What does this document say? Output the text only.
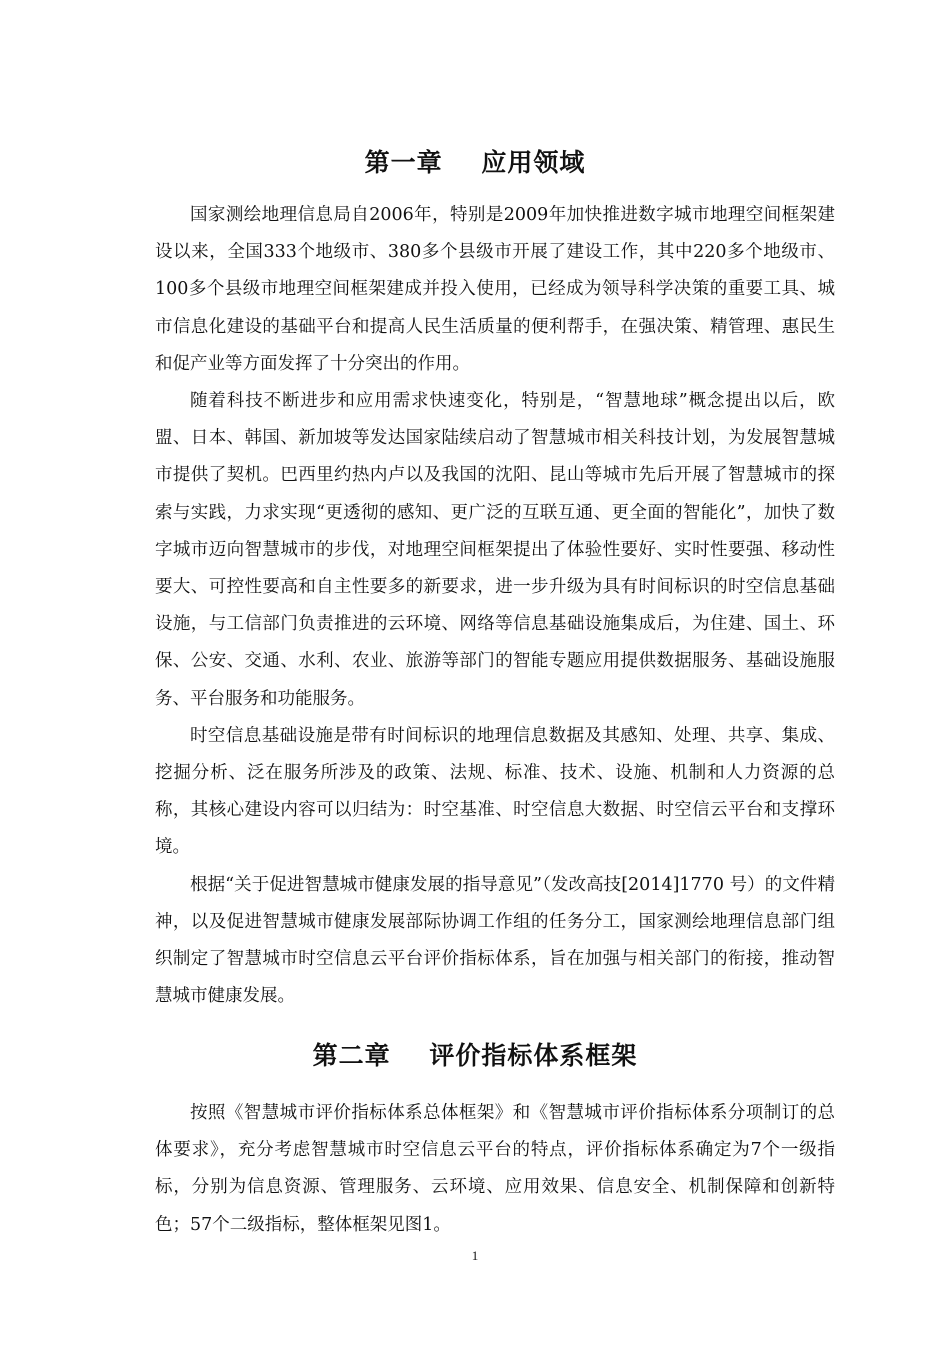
第一章    应用领域

国家测绘地理信息局自2006年，特别是2009年加快推进数字城市地理空间框架建设以来，全国333个地级市、380多个县级市开展了建设工作，其中220多个地级市、100多个县级市地理空间框架建成并投入使用，已经成为领导科学决策的重要工具、城市信息化建设的基础平台和提高人民生活质量的便利帮手，在强决策、精管理、惠民生和促产业等方面发挥了十分突出的作用。

随着科技不断进步和应用需求快速变化，特别是，“智慧地球”概念提出以后，欧盟、日本、韩国、新加坡等发达国家陆续启动了智慧城市相关科技计划，为发展智慧城市提供了契机。巴西里约热内卢以及我国的沈阳、昆山等城市先后开展了智慧城市的探索与实践，力求实现“更透彻的感知、更广泛的互联互通、更全面的智能化”，加快了数字城市迈向智慧城市的步伐，对地理空间框架提出了体验性要好、实时性要强、移动性要大、可控性要高和自主性要多的新要求，进一步升级为具有时间标识的时空信息基础设施，与工信部门负责推进的云环境、网络等信息基础设施集成后，为住建、国土、环保、公安、交通、水利、农业、旅游等部门的智能专题应用提供数据服务、基础设施服务、平台服务和功能服务。

时空信息基础设施是带有时间标识的地理信息数据及其感知、处理、共享、集成、挖掘分析、泛在服务所涉及的政策、法规、标准、技术、设施、机制和人力资源的总称，其核心建设内容可以归结为：时空基准、时空信息大数据、时空信云平台和支撑环境。

根据“关于促进智慧城市健康发展的指导意见”（发改高技[2014]1770 号）的文件精神，以及促进智慧城市健康发展部际协调工作组的任务分工，国家测绘地理信息部门组织制定了智慧城市时空信息云平台评价指标体系，旨在加强与相关部门的衔接，推动智慧城市健康发展。

第二章    评价指标体系框架

按照《智慧城市评价指标体系总体框架》和《智慧城市评价指标体系分项制订的总体要求》，充分考虑智慧城市时空信息云平台的特点，评价指标体系确定为7个一级指标，分别为信息资源、管理服务、云环境、应用效果、信息安全、机制保障和创新特色；57个二级指标，整体框架见图1。

1
